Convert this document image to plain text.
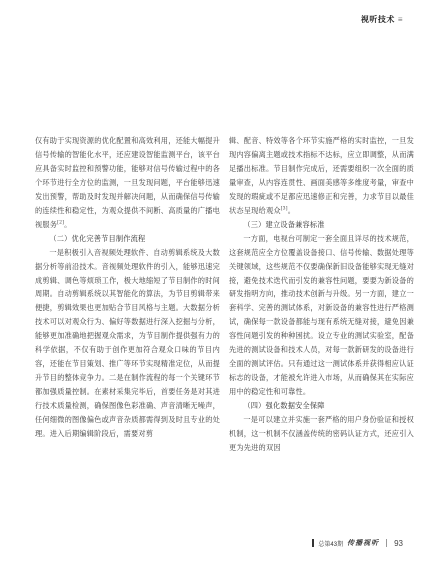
视听技术 ≡

仅有助于实现资源的优化配置和高效利用，还能大幅提升信号传输的智能化水平，还应建设智能监测平台，该平台应具备实时监控和预警功能，能够对信号传输过程中的各个环节进行全方位的监测，一旦发现问题，平台能够迅速发出预警，帮助及时发现并解决问题，从而确保信号传输的连续性和稳定性，为观众提供不间断、高质量的广播电视服务[2]。

（二）优化完善节目制作流程

一是积极引入音视频处理软件、自动剪辑系统及大数据分析等前沿技术。音视频处理软件的引入，能够迅速完成剪辑、调色等烦琐工作，极大地缩短了节目制作的时间周期。自动剪辑系统以其智能化的算法，为节目剪辑带来便捷，剪辑效果也更加贴合节目风格与主题。大数据分析技术可以对观众行为、偏好等数据进行深入挖掘与分析，能够更加准确地把握观众需求，为节目制作提供强有力的科学依据，不仅有助于创作更加符合观众口味的节目内容，还能在节目策划、推广等环节实现精准定位，从而提升节目的整体竞争力。二是在制作流程的每一个关键环节都加强质量控制。在素材采集完毕后，首要任务是对其进行技术质量检测，确保图像色彩准确、声音清晰无噪声，任何细微的图像偏色或声音杂质都需得到及时且专业的处理。进入后期编辑阶段后，需要对剪

辑、配音、特效等各个环节实施严格的实时监控，一旦发现内容偏离主题或技术指标不达标，应立即调整，从而满足播出标准。节目制作完成后，还需要组织一次全面的质量审查，从内容连贯性、画面美感等多维度考量，审查中发现的瑕疵或不足都应迅速修正和完善，力求节目以最佳状态呈现给观众[3]。

（三）建立设备兼容标准

一方面，电视台可制定一套全面且详尽的技术规范，这套规范应全方位覆盖设备接口、信号传输、数据处理等关键领域，这些规范不仅要确保新旧设备能够实现无缝对接，避免技术迭代而引发的兼容性问题，要要为新设备的研发指明方向，推动技术创新与升级。另一方面，建立一套科学、完善的测试体系，对新设备的兼容性进行严格测试，确保每一款设备都能与现有系统无缝对接，避免因兼容性问题引发的种种困扰。设立专业的测试实验室，配备先进的测试设备和技术人员，对每一款新研发的设备进行全面的测试评估。只有通过这一测试体系并获得相应认证标志的设备，才能被允许进入市场，从而确保其在实际应用中的稳定性和可靠性。

（四）强化数据安全保障

一是可以建立并实施一套严格的用户身份验证和授权机制，这一机制不仅涵盖传统的密码认证方式，还应引入更为先进的双因

总第43期 传播视听 93
